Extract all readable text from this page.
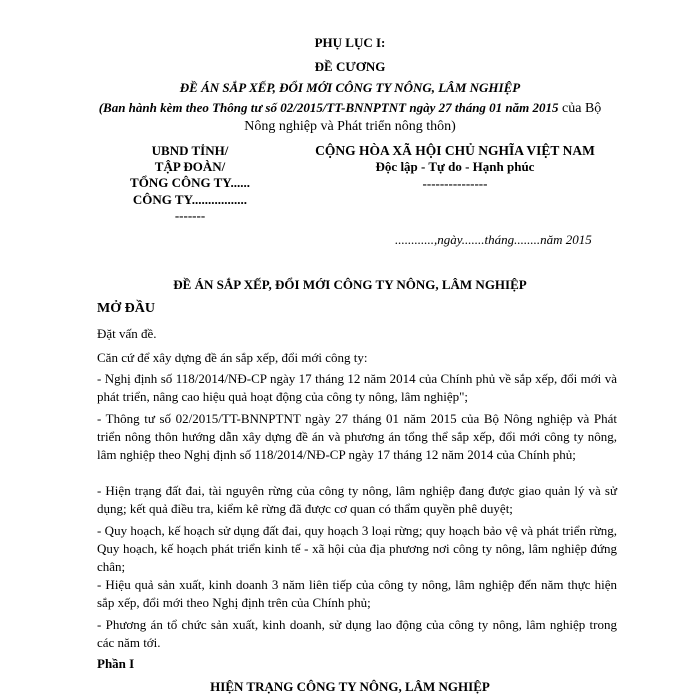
PHỤ LỤC I:
ĐỀ CƯƠNG
ĐỀ ÁN SẮP XẾP, ĐỔI MỚI CÔNG TY NÔNG, LÂM NGHIỆP
(Ban hành kèm theo Thông tư số 02/2015/TT-BNNPTNT ngày 27 tháng 01 năm 2015 của Bộ
Nông nghiệp và Phát triển nông thôn)
UBND TỈNH/
TẬP ĐOÀN/
TỔNG CÔNG TY......
CÔNG TY.................
-------
CỘNG HÒA XÃ HỘI CHỦ NGHĨA VIỆT NAM
Độc lập - Tự do - Hạnh phúc
---------------
............,ngày.......tháng........năm 2015
ĐỀ ÁN SẮP XẾP, ĐỔI MỚI CÔNG TY NÔNG, LÂM NGHIỆP
MỞ ĐẦU
Đặt vấn đề.
Căn cứ để xây dựng đề án sắp xếp, đổi mới công ty:
- Nghị định số 118/2014/NĐ-CP ngày 17 tháng 12 năm 2014 của Chính phủ về sắp xếp, đổi mới và phát triển, nâng cao hiệu quả hoạt động của công ty nông, lâm nghiệp";
- Thông tư số 02/2015/TT-BNNPTNT ngày 27 tháng 01 năm 2015 của Bộ Nông nghiệp và Phát triển nông thôn hướng dẫn xây dựng đề án và phương án tổng thể sắp xếp, đổi mới công ty nông, lâm nghiệp theo Nghị định số 118/2014/NĐ-CP ngày 17 tháng 12 năm 2014 của Chính phủ;
- Hiện trạng đất đai, tài nguyên rừng của công ty nông, lâm nghiệp đang được giao quản lý và sử dụng; kết quả điều tra, kiểm kê rừng đã được cơ quan có thẩm quyền phê duyệt;
- Quy hoạch, kế hoạch sử dụng đất đai, quy hoạch 3 loại rừng; quy hoạch bảo vệ và phát triển rừng, Quy hoạch, kế hoạch phát triển kinh tế - xã hội của địa phương nơi công ty nông, lâm nghiệp đứng chân;
- Hiệu quả sản xuất, kinh doanh 3 năm liên tiếp của công ty nông, lâm nghiệp đến năm thực hiện sắp xếp, đổi mới theo Nghị định trên của Chính phủ;
- Phương án tổ chức sản xuất, kinh doanh, sử dụng lao động của công ty nông, lâm nghiệp trong các năm tới.
Phần I
HIỆN TRẠNG CÔNG TY NÔNG, LÂM NGHIỆP
